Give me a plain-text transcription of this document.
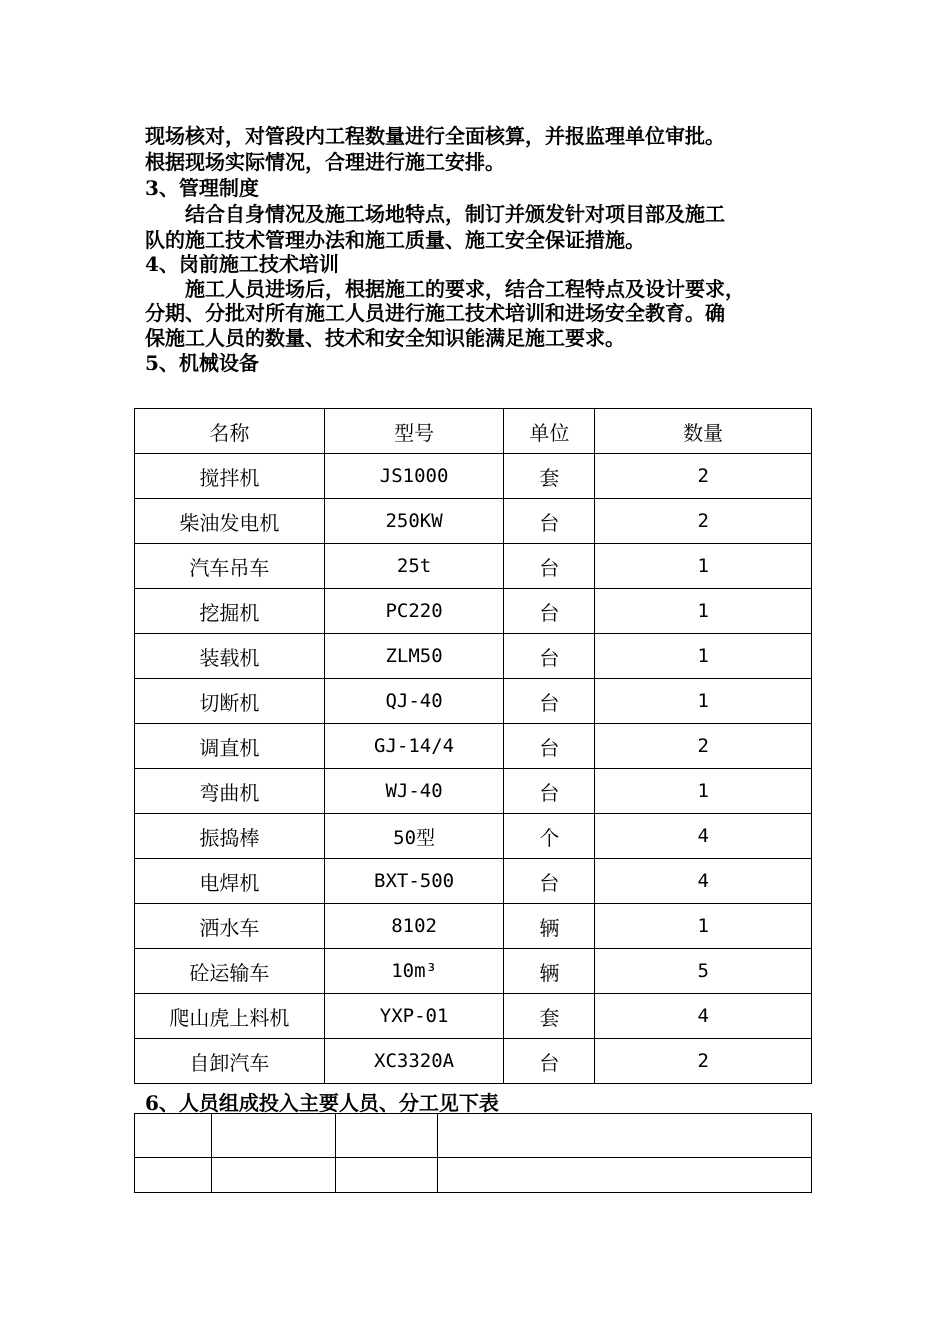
现场核对，对管段内工程数量进行全面核算，并报监理单位审批。
根据现场实际情况，合理进行施工安排。
3、管理制度
　　结合自身情况及施工场地特点，制订并颁发针对项目部及施工
队的施工技术管理办法和施工质量、施工安全保证措施。
4、岗前施工技术培训
　　施工人员进场后，根据施工的要求，结合工程特点及设计要求，
分期、分批对所有施工人员进行施工技术培训和进场安全教育。确
保施工人员的数量、技术和安全知识能满足施工要求。
5、机械设备
名称	型号	单位	数量
搅拌机	JS1000	套	2
柴油发电机	250KW	台	2
汽车吊车	25t	台	1
挖掘机	PC220	台	1
装载机	ZLM50	台	1
切断机	QJ-40	台	1
调直机	GJ-14/4	台	2
弯曲机	WJ-40	台	1
振捣棒	50型	个	4
电焊机	BXT-500	台	4
洒水车	8102	辆	1
砼运输车	10m³	辆	5
爬山虎上料机	YXP-01	套	4
自卸汽车	XC3320A	台	2
6、人员组成投入主要人员、分工见下表
